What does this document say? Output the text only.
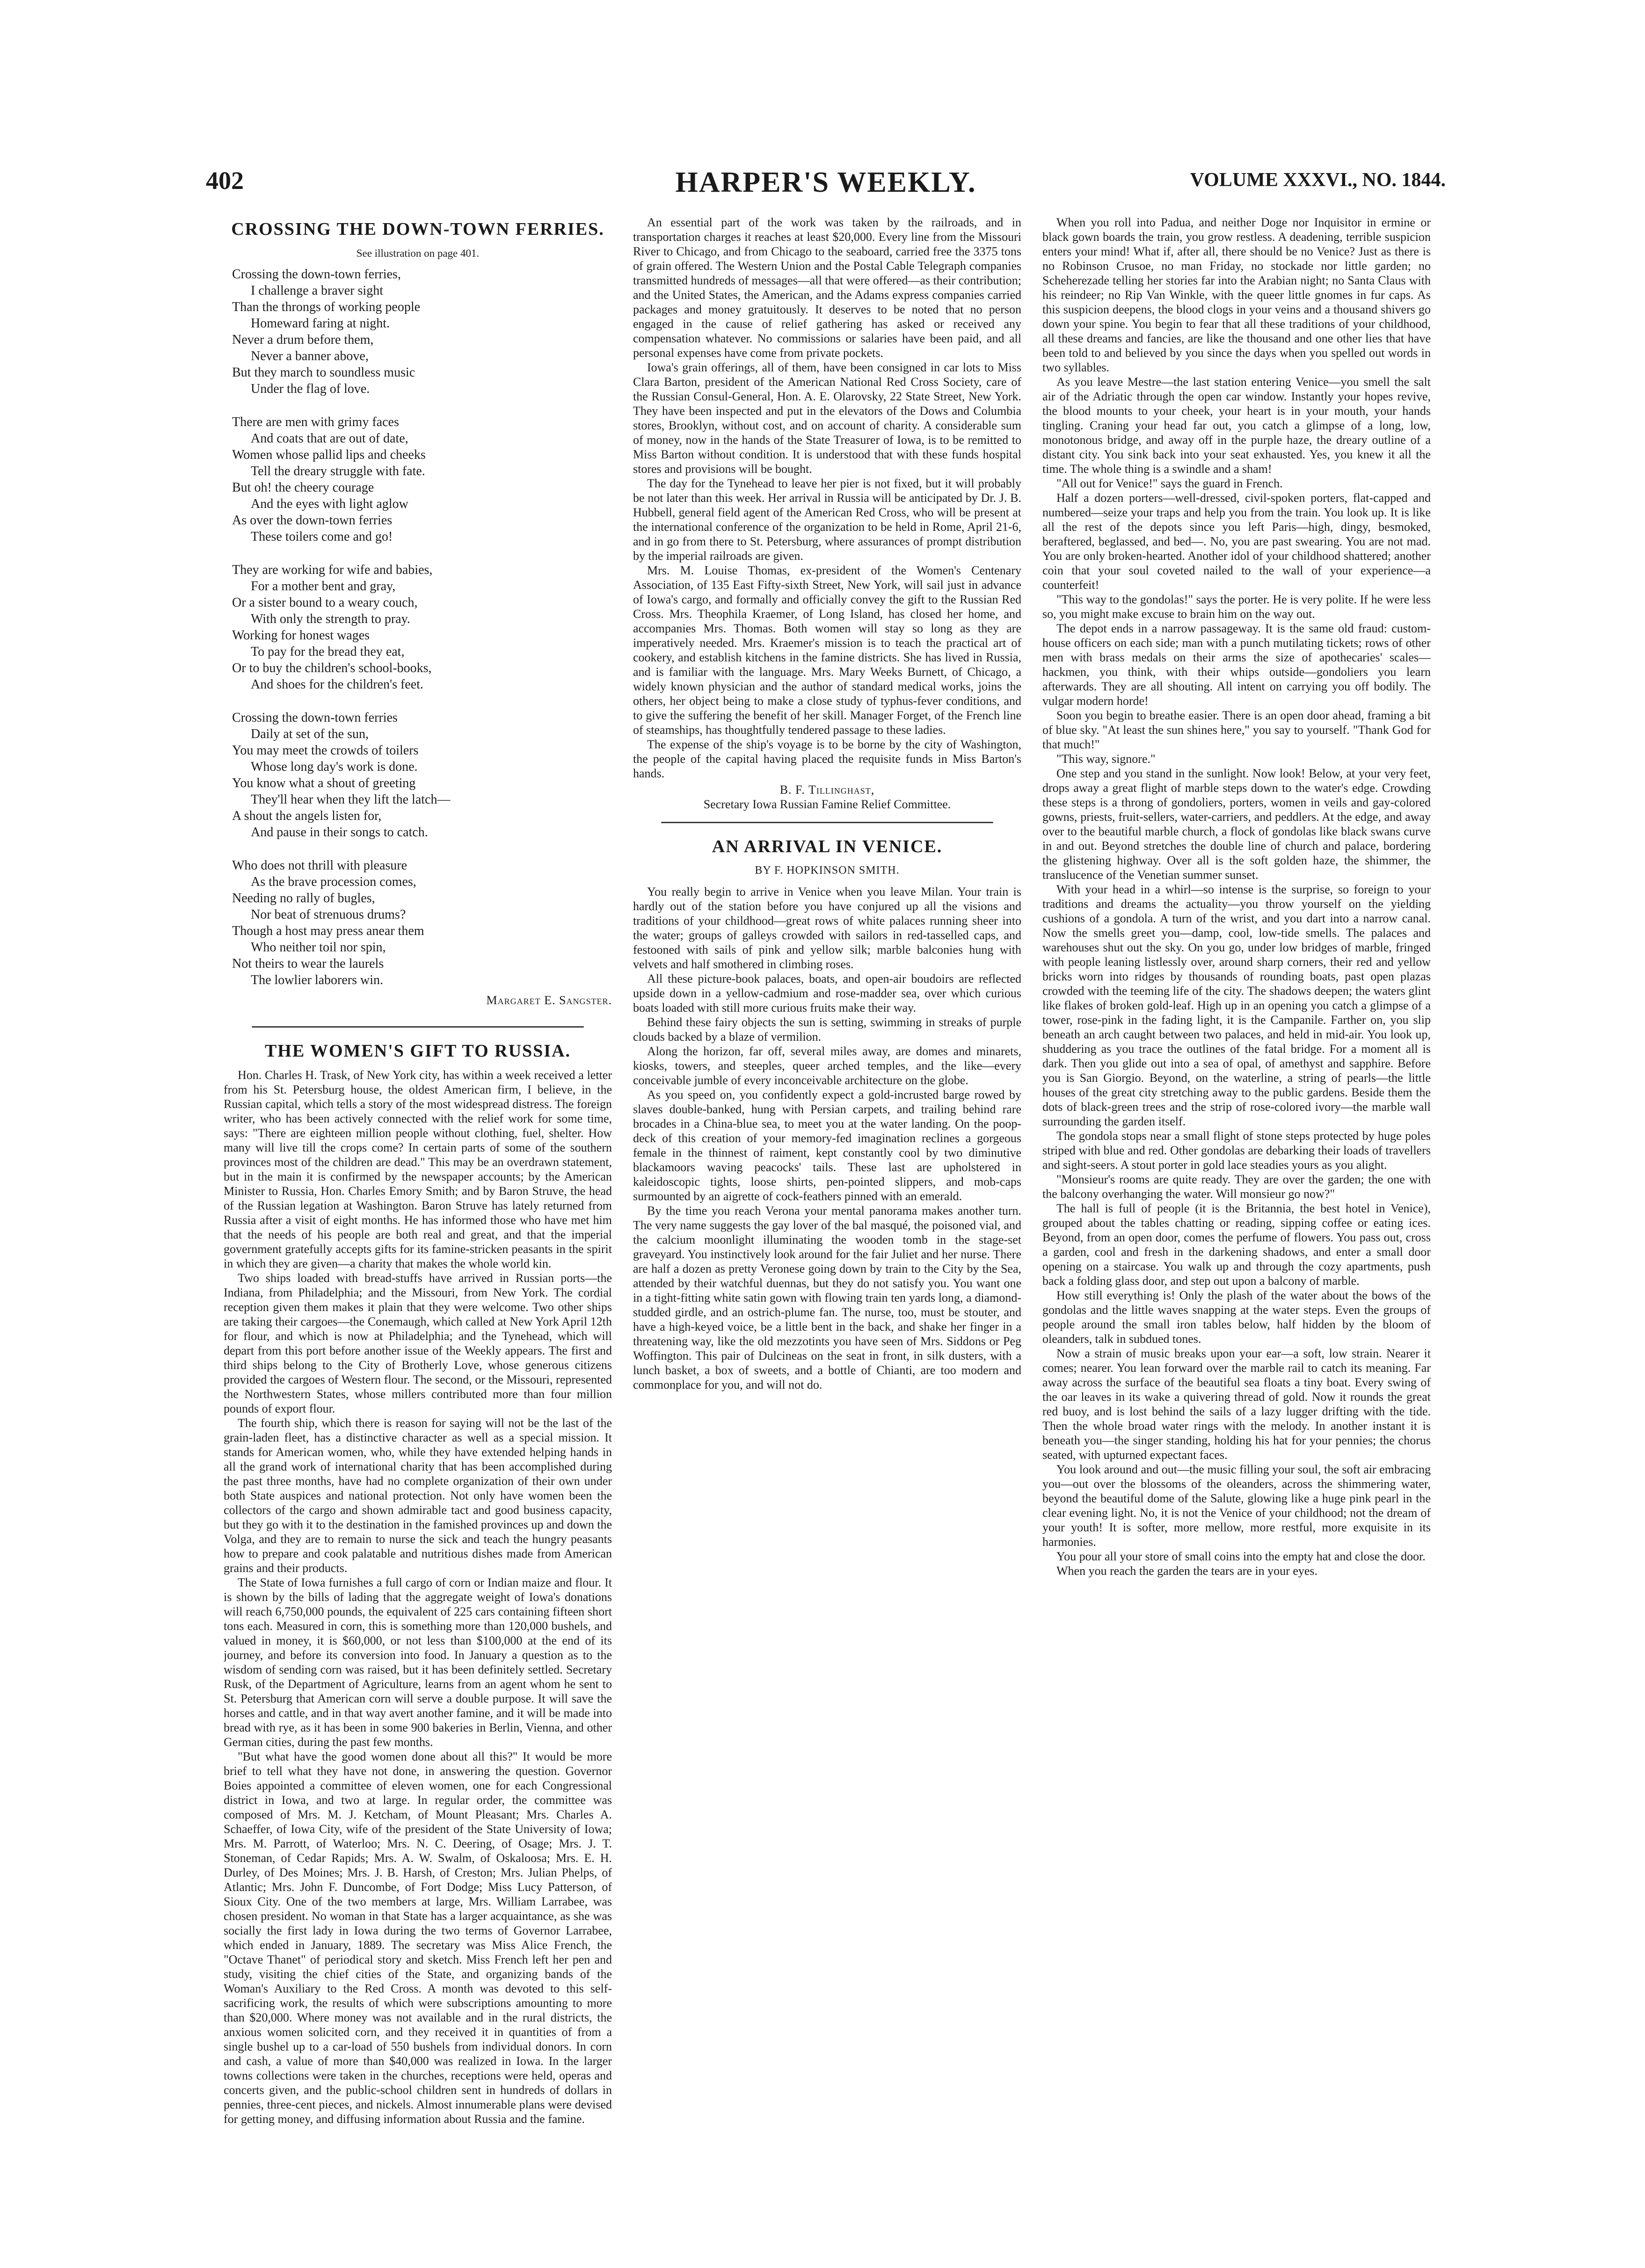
402	HARPER'S WEEKLY.	VOLUME XXXVI., NO. 1844.
CROSSING THE DOWN-TOWN FERRIES.
See illustration on page 401.
Crossing the down-town ferries,
I challenge a braver sight
Than the throngs of working people
Homeward faring at night.
Never a drum before them,
Never a banner above,
But they march to soundless music
Under the flag of love.
There are men with grimy faces
And coats that are out of date,
Women whose pallid lips and cheeks
Tell the dreary struggle with fate.
But oh! the cheery courage
And the eyes with light aglow
As over the down-town ferries
These toilers come and go!
They are working for wife and babies,
For a mother bent and gray,
Or a sister bound to a weary couch,
With only the strength to pray.
Working for honest wages
To pay for the bread they eat,
Or to buy the children's school-books,
And shoes for the children's feet.
Crossing the down-town ferries
Daily at set of the sun,
You may meet the crowds of toilers
Whose long day's work is done.
You know what a shout of greeting
They'll hear when they lift the latch—
A shout the angels listen for,
And pause in their songs to catch.
Who does not thrill with pleasure
As the brave procession comes,
Needing no rally of bugles,
Nor beat of strenuous drums?
Though a host may press anear them
Who neither toil nor spin,
Not theirs to wear the laurels
The lowlier laborers win.
Margaret E. Sangster.
THE WOMEN'S GIFT TO RUSSIA.

Hon. Charles H. Trask, of New York city, has within a week received a letter from his St. Petersburg house, the oldest American firm, I believe, in the Russian capital, which tells a story of the most widespread distress. The foreign writer, who has been actively connected with the relief work for some time, says: "There are eighteen million people without clothing, fuel, shelter. How many will live till the crops come? In certain parts of some of the southern provinces most of the children are dead." This may be an overdrawn statement, but in the main it is confirmed by the newspaper accounts; by the American Minister to Russia, Hon. Charles Emory Smith; and by Baron Struve, the head of the Russian legation at Washington. Baron Struve has lately returned from Russia after a visit of eight months. He has informed those who have met him that the needs of his people are both real and great, and that the imperial government gratefully accepts gifts for its famine-stricken peasants in the spirit in which they are given—a charity that makes the whole world kin.

Two ships loaded with bread-stuffs have arrived in Russian ports—the Indiana, from Philadelphia; and the Missouri, from New York. The cordial reception given them makes it plain that they were welcome. Two other ships are taking their cargoes—the Conemaugh, which called at New York April 12th for flour, and which is now at Philadelphia; and the Tynehead, which will depart from this port before another issue of the Weekly appears. The first and third ships belong to the City of Brotherly Love, whose generous citizens provided the cargoes of Western flour. The second, or the Missouri, represented the Northwestern States, whose millers contributed more than four million pounds of export flour.

The fourth ship, which there is reason for saying will not be the last of the grain-laden fleet, has a distinctive character as well as a special mission. It stands for American women, who, while they have extended helping hands in all the grand work of international charity that has been accomplished during the past three months, have had no complete organization of their own under both State auspices and national protection. Not only have women been the collectors of the cargo and shown admirable tact and good business capacity, but they go with it to the destination in the famished provinces up and down the Volga, and they are to remain to nurse the sick and teach the hungry peasants how to prepare and cook palatable and nutritious dishes made from American grains and their products.

The State of Iowa furnishes a full cargo of corn or Indian maize and flour. It is shown by the bills of lading that the aggregate weight of Iowa's donations will reach 6,750,000 pounds, the equivalent of 225 cars containing fifteen short tons each. Measured in corn, this is something more than 120,000 bushels, and valued in money, it is $60,000, or not less than $100,000 at the end of its journey, and before its conversion into food. In January a question as to the wisdom of sending corn was raised, but it has been definitely settled. Secretary Rusk, of the Department of Agriculture, learns from an agent whom he sent to St. Petersburg that American corn will serve a double purpose. It will save the horses and cattle, and in that way avert another famine, and it will be made into bread with rye, as it has been in some 900 bakeries in Berlin, Vienna, and other German cities, during the past few months.

"But what have the good women done about all this?" It would be more brief to tell what they have not done, in answering the question. Governor Boies appointed a committee of eleven women, one for each Congressional district in Iowa, and two at large. In regular order, the committee was composed of Mrs. M. J. Ketcham, of Mount Pleasant; Mrs. Charles A. Schaeffer, of Iowa City, wife of the president of the State University of Iowa; Mrs. M. Parrott, of Waterloo; Mrs. N. C. Deering, of Osage; Mrs. J. T. Stoneman, of Cedar Rapids; Mrs. A. W. Swalm, of Oskaloosa; Mrs. E. H. Durley, of Des Moines; Mrs. J. B. Harsh, of Creston; Mrs. Julian Phelps, of Atlantic; Mrs. John F. Duncombe, of Fort Dodge; Miss Lucy Patterson, of Sioux City. One of the two members at large, Mrs. William Larrabee, was chosen president. No woman in that State has a larger acquaintance, as she was socially the first lady in Iowa during the two terms of Governor Larrabee, which ended in January, 1889. The secretary was Miss Alice French, the "Octave Thanet" of periodical story and sketch. Miss French left her pen and study, visiting the chief cities of the State, and organizing bands of the Woman's Auxiliary to the Red Cross. A month was devoted to this self-sacrificing work, the results of which were subscriptions amounting to more than $20,000. Where money was not available and in the rural districts, the anxious women solicited corn, and they received it in quantities of from a single bushel up to a car-load of 550 bushels from individual donors. In corn and cash, a value of more than $40,000 was realized in Iowa. In the larger towns collections were taken in the churches, receptions were held, operas and concerts given, and the public-school children sent in hundreds of dollars in pennies, three-cent pieces, and nickels. Almost innumerable plans were devised for getting money, and diffusing information about Russia and the famine.

An essential part of the work was taken by the railroads, and in transportation charges it reaches at least $20,000. Every line from the Missouri River to Chicago, and from Chicago to the seaboard, carried free the 3375 tons of grain offered. The Western Union and the Postal Cable Telegraph companies transmitted hundreds of messages—all that were offered—as their contribution; and the United States, the American, and the Adams express companies carried packages and money gratuitously. It deserves to be noted that no person engaged in the cause of relief gathering has asked or received any compensation whatever. No commissions or salaries have been paid, and all personal expenses have come from private pockets.

Iowa's grain offerings, all of them, have been consigned in car lots to Miss Clara Barton, president of the American National Red Cross Society, care of the Russian Consul-General, Hon. A. E. Olarovsky, 22 State Street, New York. They have been inspected and put in the elevators of the Dows and Columbia stores, Brooklyn, without cost, and on account of charity. A considerable sum of money, now in the hands of the State Treasurer of Iowa, is to be remitted to Miss Barton without condition. It is understood that with these funds hospital stores and provisions will be bought.

The day for the Tynehead to leave her pier is not fixed, but it will probably be not later than this week. Her arrival in Russia will be anticipated by Dr. J. B. Hubbell, general field agent of the American Red Cross, who will be present at the international conference of the organization to be held in Rome, April 21-6, and in go from there to St. Petersburg, where assurances of prompt distribution by the imperial railroads are given.

Mrs. M. Louise Thomas, ex-president of the Women's Centenary Association, of 135 East Fifty-sixth Street, New York, will sail just in advance of Iowa's cargo, and formally and officially convey the gift to the Russian Red Cross. Mrs. Theophila Kraemer, of Long Island, has closed her home, and accompanies Mrs. Thomas. Both women will stay so long as they are imperatively needed. Mrs. Kraemer's mission is to teach the practical art of cookery, and establish kitchens in the famine districts. She has lived in Russia, and is familiar with the language. Mrs. Mary Weeks Burnett, of Chicago, a widely known physician and the author of standard medical works, joins the others, her object being to make a close study of typhus-fever conditions, and to give the suffering the benefit of her skill. Manager Forget, of the French line of steamships, has thoughtfully tendered passage to these ladies.

The expense of the ship's voyage is to be borne by the city of Washington, the people of the capital having placed the requisite funds in Miss Barton's hands.

B. F. Tillinghast,
Secretary Iowa Russian Famine Relief Committee.
AN ARRIVAL IN VENICE.
BY F. HOPKINSON SMITH.

You really begin to arrive in Venice when you leave Milan. Your train is hardly out of the station before you have conjured up all the visions and traditions of your childhood—great rows of white palaces running sheer into the water; groups of galleys crowded with sailors in red-tasselled caps, and festooned with sails of pink and yellow silk; marble balconies hung with velvets and half smothered in climbing roses.

All these picture-book palaces, boats, and open-air boudoirs are reflected upside down in a yellow-cadmium and rose-madder sea, over which curious boats loaded with still more curious fruits make their way.

Behind these fairy objects the sun is setting, swimming in streaks of purple clouds backed by a blaze of vermilion.

Along the horizon, far off, several miles away, are domes and minarets, kiosks, towers, and steeples, queer arched temples, and the like—every conceivable jumble of every inconceivable architecture on the globe.

As you speed on, you confidently expect a gold-incrusted barge rowed by slaves double-banked, hung with Persian carpets, and trailing behind rare brocades in a China-blue sea, to meet you at the water landing. On the poop-deck of this creation of your memory-fed imagination reclines a gorgeous female in the thinnest of raiment, kept constantly cool by two diminutive blackamoors waving peacocks' tails. These last are upholstered in kaleidoscopic tights, loose shirts, pen-pointed slippers, and mob-caps surmounted by an aigrette of cock-feathers pinned with an emerald.

By the time you reach Verona your mental panorama makes another turn. The very name suggests the gay lover of the bal masqué, the poisoned vial, and the calcium moonlight illuminating the wooden tomb in the stage-set graveyard. You instinctively look around for the fair Juliet and her nurse. There are half a dozen as pretty Veronese going down by train to the City by the Sea, attended by their watchful duennas, but they do not satisfy you. You want one in a tight-fitting white satin gown with flowing train ten yards long, a diamond-studded girdle, and an ostrich-plume fan. The nurse, too, must be stouter, and have a high-keyed voice, be a little bent in the back, and shake her finger in a threatening way, like the old mezzotints you have seen of Mrs. Siddons or Peg Woffington. This pair of Dulcineas on the seat in front, in silk dusters, with a lunch basket, a box of sweets, and a bottle of Chianti, are too modern and commonplace for you, and will not do.

When you roll into Padua, and neither Doge nor Inquisitor in ermine or black gown boards the train, you grow restless. A deadening, terrible suspicion enters your mind! What if, after all, there should be no Venice? Just as there is no Robinson Crusoe, no man Friday, no stockade nor little garden; no Scheherezade telling her stories far into the Arabian night; no Santa Claus with his reindeer; no Rip Van Winkle, with the queer little gnomes in fur caps. As this suspicion deepens, the blood clogs in your veins and a thousand shivers go down your spine. You begin to fear that all these traditions of your childhood, all these dreams and fancies, are like the thousand and one other lies that have been told to and believed by you since the days when you spelled out words in two syllables.

As you leave Mestre—the last station entering Venice—you smell the salt air of the Adriatic through the open car window. Instantly your hopes revive, the blood mounts to your cheek, your heart is in your mouth, your hands tingling. Craning your head far out, you catch a glimpse of a long, low, monotonous bridge, and away off in the purple haze, the dreary outline of a distant city. You sink back into your seat exhausted. Yes, you knew it all the time. The whole thing is a swindle and a sham!

"All out for Venice!" says the guard in French.

Half a dozen porters—well-dressed, civil-spoken porters, flat-capped and numbered—seize your traps and help you from the train. You look up. It is like all the rest of the depots since you left Paris—high, dingy, besmoked, beraftered, beglassed, and bed—. No, you are past swearing. You are not mad. You are only broken-hearted. Another idol of your childhood shattered; another coin that your soul coveted nailed to the wall of your experience—a counterfeit!

"This way to the gondolas!" says the porter. He is very polite. If he were less so, you might make excuse to brain him on the way out.

The depot ends in a narrow passageway. It is the same old fraud: custom-house officers on each side; man with a punch mutilating tickets; rows of other men with brass medals on their arms the size of apothecaries' scales—hackmen, you think, with their whips outside—gondoliers you learn afterwards. They are all shouting. All intent on carrying you off bodily. The vulgar modern horde!

Soon you begin to breathe easier. There is an open door ahead, framing a bit of blue sky. "At least the sun shines here," you say to yourself. "Thank God for that much!"

"This way, signore."

One step and you stand in the sunlight. Now look! Below, at your very feet, drops away a great flight of marble steps down to the water's edge. Crowding these steps is a throng of gondoliers, porters, women in veils and gay-colored gowns, priests, fruit-sellers, water-carriers, and peddlers. At the edge, and away over to the beautiful marble church, a flock of gondolas like black swans curve in and out. Beyond stretches the double line of church and palace, bordering the glistening highway. Over all is the soft golden haze, the shimmer, the translucence of the Venetian summer sunset.

With your head in a whirl—so intense is the surprise, so foreign to your traditions and dreams the actuality—you throw yourself on the yielding cushions of a gondola. A turn of the wrist, and you dart into a narrow canal. Now the smells greet you—damp, cool, low-tide smells. The palaces and warehouses shut out the sky. On you go, under low bridges of marble, fringed with people leaning listlessly over, around sharp corners, their red and yellow bricks worn into ridges by thousands of rounding boats, past open plazas crowded with the teeming life of the city. The shadows deepen; the waters glint like flakes of broken gold-leaf. High up in an opening you catch a glimpse of a tower, rose-pink in the fading light, it is the Campanile. Farther on, you slip beneath an arch caught between two palaces, and held in mid-air. You look up, shuddering as you trace the outlines of the fatal bridge. For a moment all is dark. Then you glide out into a sea of opal, of amethyst and sapphire. Before you is San Giorgio. Beyond, on the waterline, a string of pearls—the little houses of the great city stretching away to the public gardens. Beside them the dots of black-green trees and the strip of rose-colored ivory—the marble wall surrounding the garden itself.

The gondola stops near a small flight of stone steps protected by huge poles striped with blue and red. Other gondolas are debarking their loads of travellers and sight-seers. A stout porter in gold lace steadies yours as you alight.

"Monsieur's rooms are quite ready. They are over the garden; the one with the balcony overhanging the water. Will monsieur go now?"

The hall is full of people (it is the Britannia, the best hotel in Venice), grouped about the tables chatting or reading, sipping coffee or eating ices. Beyond, from an open door, comes the perfume of flowers. You pass out, cross a garden, cool and fresh in the darkening shadows, and enter a small door opening on a staircase. You walk up and through the cozy apartments, push back a folding glass door, and step out upon a balcony of marble.

How still everything is! Only the plash of the water about the bows of the gondolas and the little waves snapping at the water steps. Even the groups of people around the small iron tables below, half hidden by the bloom of oleanders, talk in subdued tones.

Now a strain of music breaks upon your ear—a soft, low strain. Nearer it comes; nearer. You lean forward over the marble rail to catch its meaning. Far away across the surface of the beautiful sea floats a tiny boat. Every swing of the oar leaves in its wake a quivering thread of gold. Now it rounds the great red buoy, and is lost behind the sails of a lazy lugger drifting with the tide. Then the whole broad water rings with the melody. In another instant it is beneath you—the singer standing, holding his hat for your pennies; the chorus seated, with upturned expectant faces.

You look around and out—the music filling your soul, the soft air embracing you—out over the blossoms of the oleanders, across the shimmering water, beyond the beautiful dome of the Salute, glowing like a huge pink pearl in the clear evening light. No, it is not the Venice of your childhood; not the dream of your youth! It is softer, more mellow, more restful, more exquisite in its harmonies.

You pour all your store of small coins into the empty hat and close the door.

When you reach the garden the tears are in your eyes.
